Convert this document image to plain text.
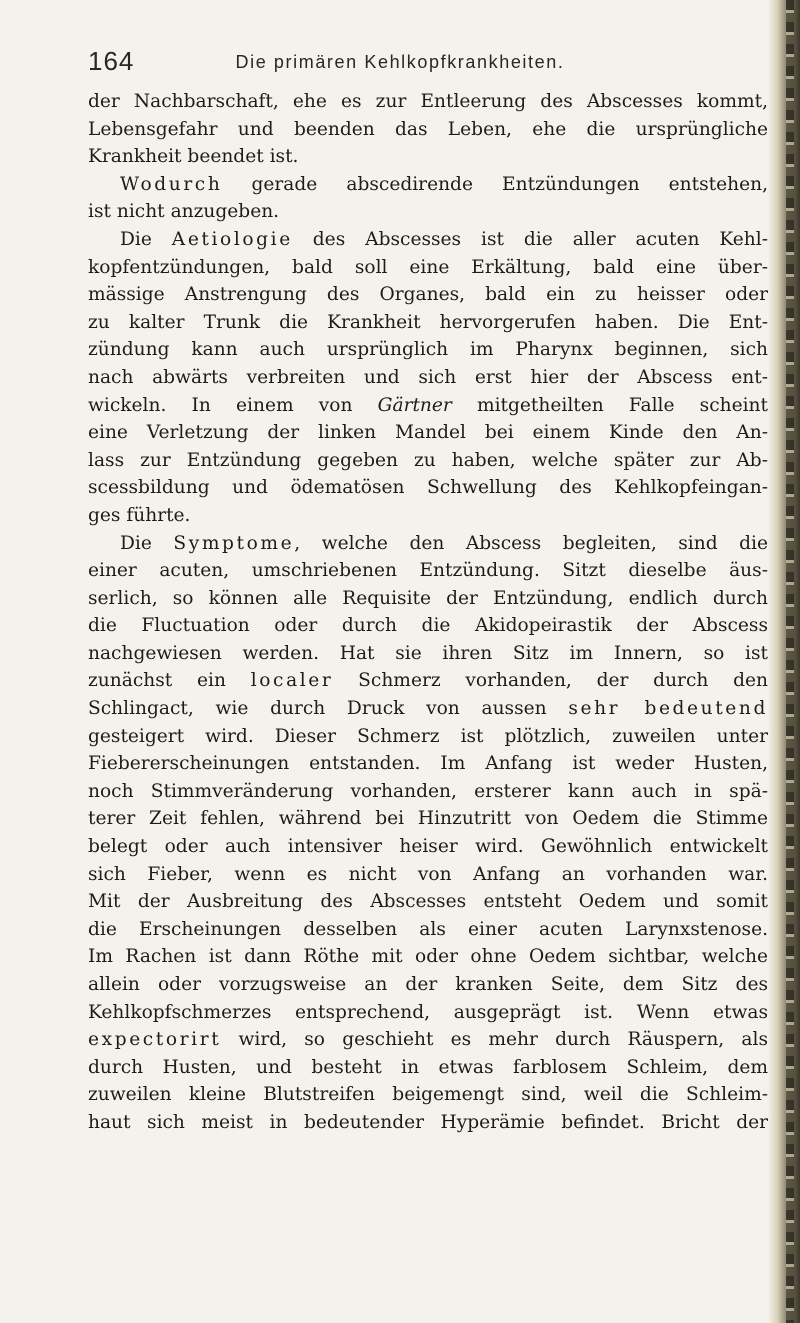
164	Die primären Kehlkopfkrankheiten.
der Nachbarschaft, ehe es zur Entleerung des Abscesses kommt,
Lebensgefahr und beenden das Leben, ehe die ursprüngliche
Krankheit beendet ist.
Wodurch gerade abscedirende Entzündungen entstehen,
ist nicht anzugeben.
Die Aetiologie des Abscesses ist die aller acuten Kehl-
kopfentzündungen, bald soll eine Erkältung, bald eine über-
mässige Anstrengung des Organes, bald ein zu heisser oder
zu kalter Trunk die Krankheit hervorgerufen haben. Die Ent-
zündung kann auch ursprünglich im Pharynx beginnen, sich
nach abwärts verbreiten und sich erst hier der Abscess ent-
wickeln. In einem von Gärtner mitgetheilten Falle scheint
eine Verletzung der linken Mandel bei einem Kinde den An-
lass zur Entzündung gegeben zu haben, welche später zur Ab-
scessbildung und ödematösen Schwellung des Kehlkopfeingan-
ges führte.
Die Symptome, welche den Abscess begleiten, sind die
einer acuten, umschriebenen Entzündung. Sitzt dieselbe äus-
serlich, so können alle Requisite der Entzündung, endlich durch
die Fluctuation oder durch die Akidopeirastik der Abscess
nachgewiesen werden. Hat sie ihren Sitz im Innern, so ist
zunächst ein localer Schmerz vorhanden, der durch den
Schlingact, wie durch Druck von aussen sehr bedeutend
gesteigert wird. Dieser Schmerz ist plötzlich, zuweilen unter
Fiebererscheinungen entstanden. Im Anfang ist weder Husten,
noch Stimmveränderung vorhanden, ersterer kann auch in spä-
terer Zeit fehlen, während bei Hinzutritt von Oedem die Stimme
belegt oder auch intensiver heiser wird. Gewöhnlich entwickelt
sich Fieber, wenn es nicht von Anfang an vorhanden war.
Mit der Ausbreitung des Abscesses entsteht Oedem und somit
die Erscheinungen desselben als einer acuten Larynxstenose.
Im Rachen ist dann Röthe mit oder ohne Oedem sichtbar, welche
allein oder vorzugsweise an der kranken Seite, dem Sitz des
Kehlkopfschmerzes entsprechend, ausgeprägt ist. Wenn etwas
expectorirt wird, so geschieht es mehr durch Räuspern, als
durch Husten, und besteht in etwas farblosem Schleim, dem
zuweilen kleine Blutstreifen beigemengt sind, weil die Schleim-
haut sich meist in bedeutender Hyperämie befindet. Bricht der
